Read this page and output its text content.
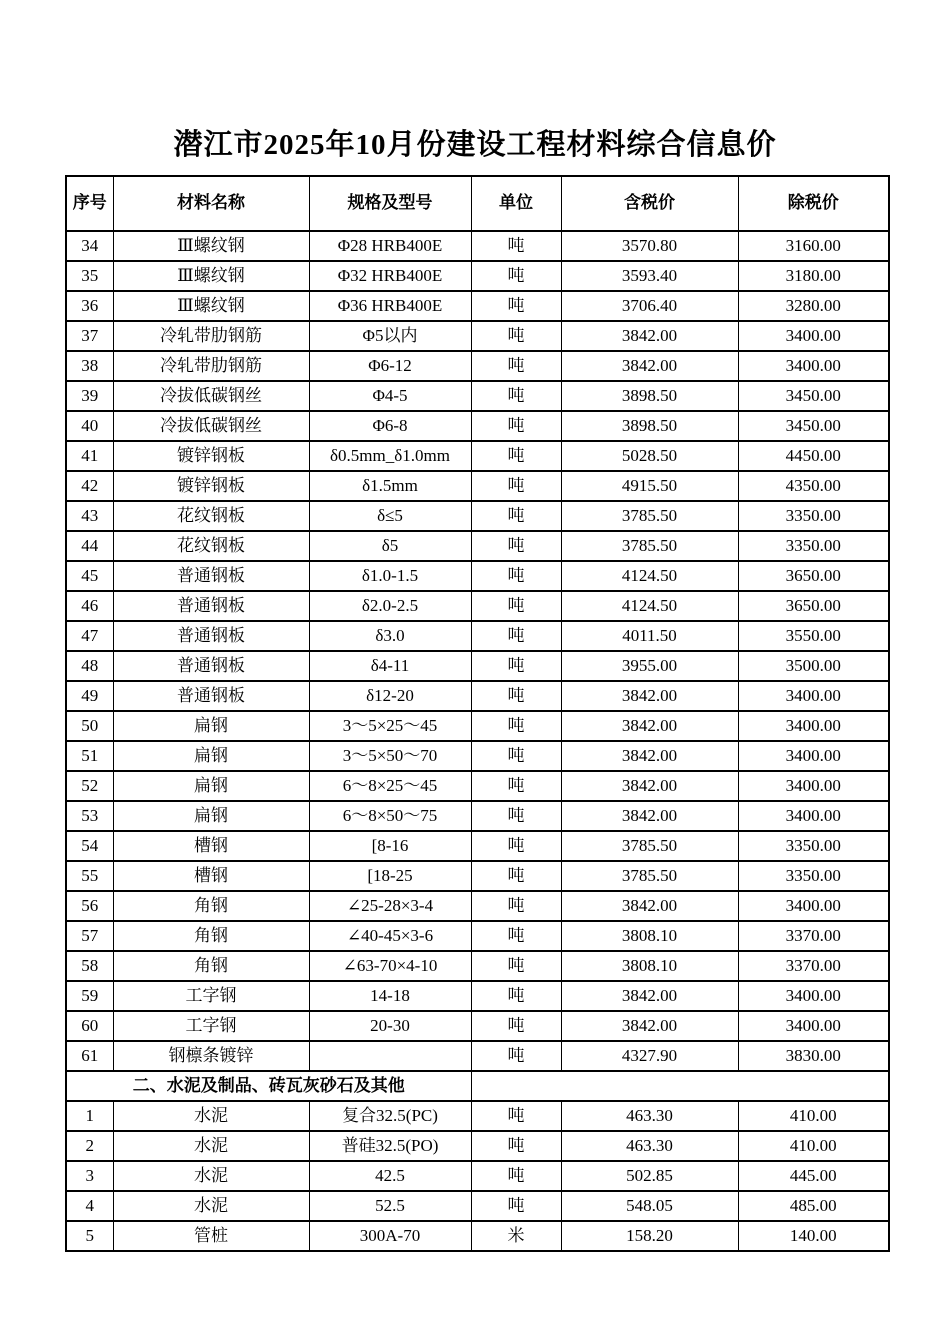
潜江市2025年10月份建设工程材料综合信息价
序号	材料名称	规格及型号	单位	含税价	除税价
34	Ⅲ螺纹钢	Φ28 HRB400E	吨	3570.80	3160.00
35	Ⅲ螺纹钢	Φ32 HRB400E	吨	3593.40	3180.00
36	Ⅲ螺纹钢	Φ36 HRB400E	吨	3706.40	3280.00
37	冷轧带肋钢筋	Φ5以内	吨	3842.00	3400.00
38	冷轧带肋钢筋	Φ6-12	吨	3842.00	3400.00
39	冷拔低碳钢丝	Φ4-5	吨	3898.50	3450.00
40	冷拔低碳钢丝	Φ6-8	吨	3898.50	3450.00
41	镀锌钢板	δ0.5mm_δ1.0mm	吨	5028.50	4450.00
42	镀锌钢板	δ1.5mm	吨	4915.50	4350.00
43	花纹钢板	δ≤5	吨	3785.50	3350.00
44	花纹钢板	δ5	吨	3785.50	3350.00
45	普通钢板	δ1.0-1.5	吨	4124.50	3650.00
46	普通钢板	δ2.0-2.5	吨	4124.50	3650.00
47	普通钢板	δ3.0	吨	4011.50	3550.00
48	普通钢板	δ4-11	吨	3955.00	3500.00
49	普通钢板	δ12-20	吨	3842.00	3400.00
50	扁钢	3～5×25～45	吨	3842.00	3400.00
51	扁钢	3～5×50～70	吨	3842.00	3400.00
52	扁钢	6～8×25～45	吨	3842.00	3400.00
53	扁钢	6～8×50～75	吨	3842.00	3400.00
54	槽钢	[8-16	吨	3785.50	3350.00
55	槽钢	[18-25	吨	3785.50	3350.00
56	角钢	∠25-28×3-4	吨	3842.00	3400.00
57	角钢	∠40-45×3-6	吨	3808.10	3370.00
58	角钢	∠63-70×4-10	吨	3808.10	3370.00
59	工字钢	14-18	吨	3842.00	3400.00
60	工字钢	20-30	吨	3842.00	3400.00
61	钢檩条镀锌		吨	4327.90	3830.00
二、水泥及制品、砖瓦灰砂石及其他					
1	水泥	复合32.5(PC)	吨	463.30	410.00
2	水泥	普硅32.5(PO)	吨	463.30	410.00
3	水泥	42.5	吨	502.85	445.00
4	水泥	52.5	吨	548.05	485.00
5	管桩	300A-70	米	158.20	140.00
